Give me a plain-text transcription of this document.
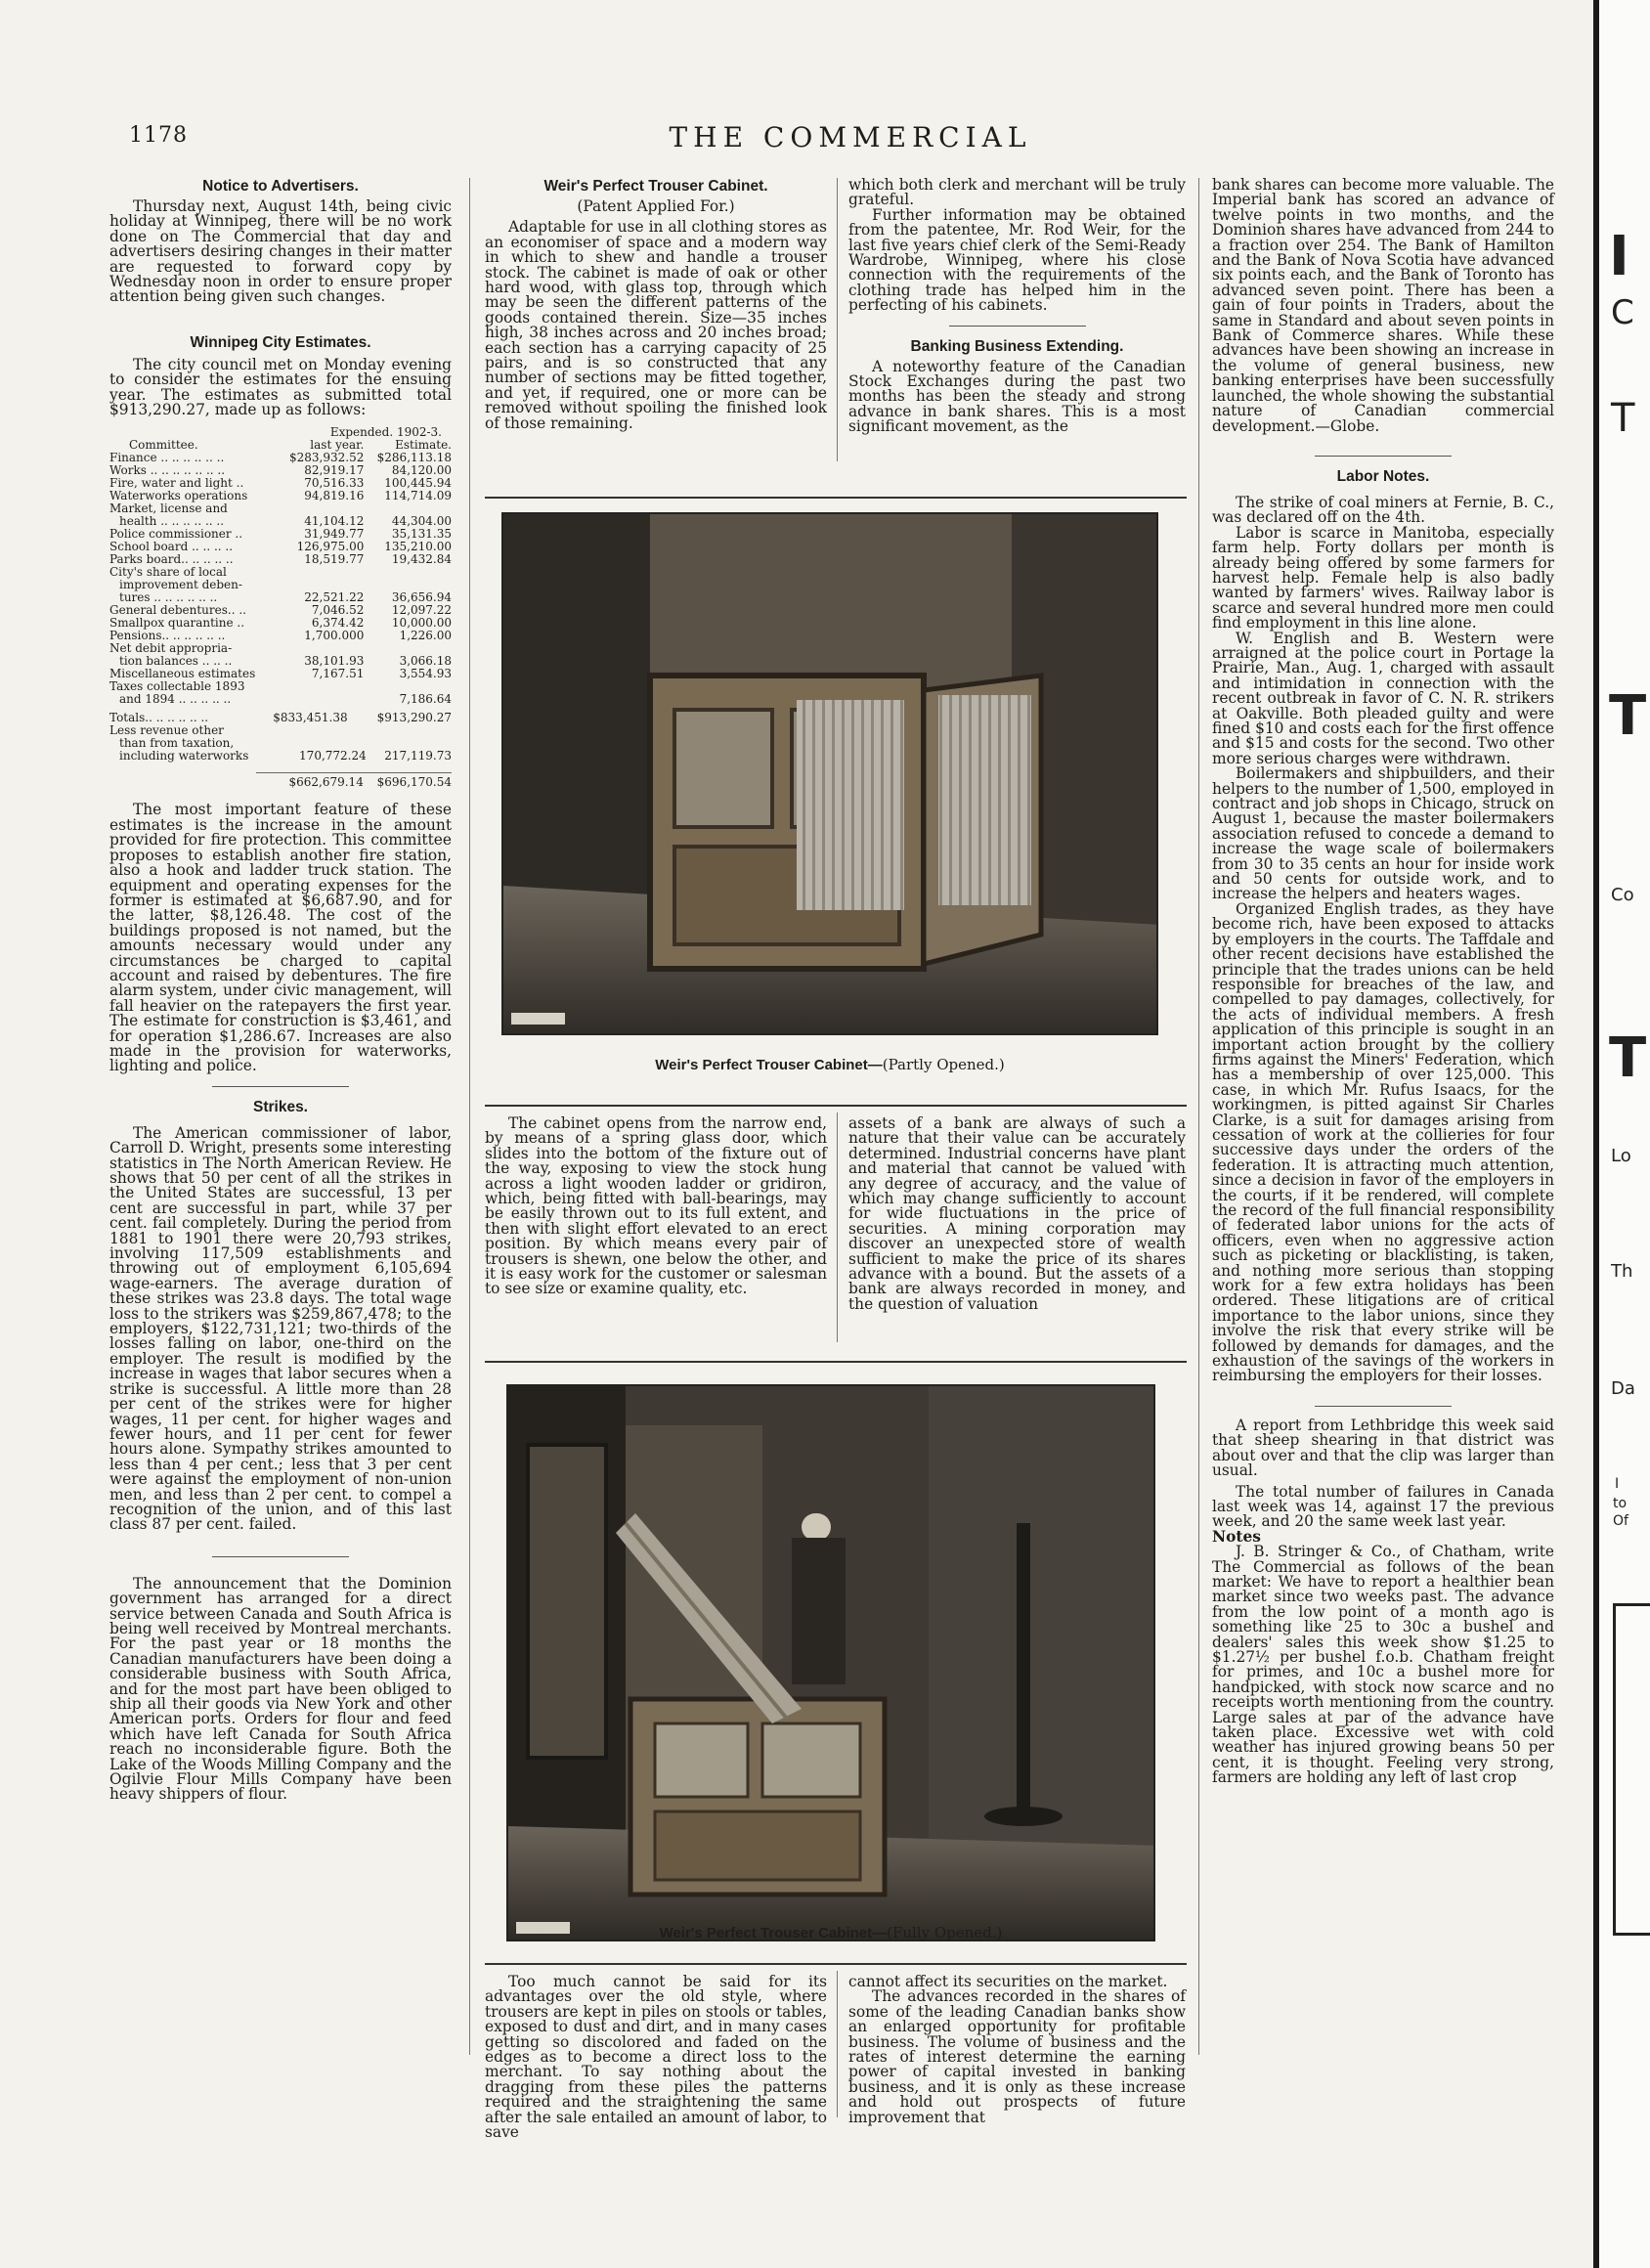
1178	THE COMMERCIAL
Notice to Advertisers.

Thursday next, August 14th, being civic holiday at Winnipeg, there will be no work done on The Commercial that day and advertisers desiring changes in their matter are requested to forward copy by Wednesday noon in order to ensure proper attention being given such changes.

Winnipeg City Estimates.

The city council met on Monday evening to consider the estimates for the ensuing year. The estimates as submitted total $913,290.27, made up as follows:

Expended. 1902-3.
Committee.	last year.	Estimate.
Finance .. .. .. .. .. ..	$283,932.52	$286,113.18
Works .. .. .. .. .. .. ..	82,919.17	84,120.00
Fire, water and light ..	70,516.33	100,445.94
Waterworks operations	94,819.16	114,714.09
Market, license and		
health .. .. .. .. .. ..	41,104.12	44,304.00
Police commissioner ..	31,949.77	35,131.35
School board .. .. .. ..	126,975.00	135,210.00
Parks board.. .. .. .. ..	18,519.77	19,432.84
City's share of local		
improvement deben-		
tures .. .. .. .. .. ..	22,521.22	36,656.94
General debentures.. ..	7,046.52	12,097.22
Smallpox quarantine ..	6,374.42	10,000.00
Pensions.. .. .. .. .. ..	1,700.000	1,226.00
Net debit appropria-		
tion balances .. .. ..	38,101.93	3,066.18
Miscellaneous estimates	7,167.51	3,554.93
Taxes collectable 1893		
and 1894 .. .. .. .. ..		7,186.64
Totals.. .. .. .. .. ..	$833,451.38	$913,290.27
Less revenue other		
than from taxation,		
including waterworks	170,772.24	217,119.73
$662,679.14 $696,170.54

The most important feature of these estimates is the increase in the amount provided for fire protection. This committee proposes to establish another fire station, also a hook and ladder truck station. The equipment and operating expenses for the former is estimated at $6,687.90, and for the latter, $8,126.48. The cost of the buildings proposed is not named, but the amounts necessary would under any circumstances be charged to capital account and raised by debentures. The fire alarm system, under civic management, will fall heavier on the ratepayers the first year. The estimate for construction is $3,461, and for operation $1,286.67. Increases are also made in the provision for waterworks, lighting and police.

Strikes.

The American commissioner of labor, Carroll D. Wright, presents some interesting statistics in The North American Review. He shows that 50 per cent of all the strikes in the United States are successful, 13 per cent are successful in part, while 37 per cent. fail completely. During the period from 1881 to 1901 there were 20,793 strikes, involving 117,509 establishments and throwing out of employment 6,105,694 wage-earners. The average duration of these strikes was 23.8 days. The total wage loss to the strikers was $259,867,478; to the employers, $122,731,121; two-thirds of the losses falling on labor, one-third on the employer. The result is modified by the increase in wages that labor secures when a strike is successful. A little more than 28 per cent of the strikes were for higher wages, 11 per cent. for higher wages and fewer hours, and 11 per cent for fewer hours alone. Sympathy strikes amounted to less than 4 per cent.; less that 3 per cent were against the employment of non-union men, and less than 2 per cent. to compel a recognition of the union, and of this last class 87 per cent. failed.

The announcement that the Dominion government has arranged for a direct service between Canada and South Africa is being well received by Montreal merchants. For the past year or 18 months the Canadian manufacturers have been doing a considerable business with South Africa, and for the most part have been obliged to ship all their goods via New York and other American ports. Orders for flour and feed which have left Canada for South Africa reach no inconsiderable figure. Both the Lake of the Woods Milling Company and the Ogilvie Flour Mills Company have been heavy shippers of flour.

Weir's Perfect Trouser Cabinet.

(Patent Applied For.)

Adaptable for use in all clothing stores as an economiser of space and a modern way in which to shew and handle a trouser stock. The cabinet is made of oak or other hard wood, with glass top, through which may be seen the different patterns of the goods contained therein. Size—35 inches high, 38 inches across and 20 inches broad; each section has a carrying capacity of 25 pairs, and is so constructed that any number of sections may be fitted together, and yet, if required, one or more can be removed without spoiling the finished look of those remaining.

which both clerk and merchant will be truly grateful.

Further information may be obtained from the patentee, Mr. Rod Weir, for the last five years chief clerk of the Semi-Ready Wardrobe, Winnipeg, where his close connection with the requirements of the clothing trade has helped him in the perfecting of his cabinets.

Banking Business Extending.

A noteworthy feature of the Canadian Stock Exchanges during the past two months has been the steady and strong advance in bank shares. This is a most significant movement, as the

Weir's Perfect Trouser Cabinet—(Partly Opened.)

The cabinet opens from the narrow end, by means of a spring glass door, which slides into the bottom of the fixture out of the way, exposing to view the stock hung across a light wooden ladder or gridiron, which, being fitted with ball-bearings, may be easily thrown out to its full extent, and then with slight effort elevated to an erect position. By which means every pair of trousers is shewn, one below the other, and it is easy work for the customer or salesman to see size or examine quality, etc.

assets of a bank are always of such a nature that their value can be accurately determined. Industrial concerns have plant and material that cannot be valued with any degree of accuracy, and the value of which may change sufficiently to account for wide fluctuations in the price of securities. A mining corporation may discover an unexpected store of wealth sufficient to make the price of its shares advance with a bound. But the assets of a bank are always recorded in money, and the question of valuation

Weir's Perfect Trouser Cabinet—(Fully Opened.)

Too much cannot be said for its advantages over the old style, where trousers are kept in piles on stools or tables, exposed to dust and dirt, and in many cases getting so discolored and faded on the edges as to become a direct loss to the merchant. To say nothing about the dragging from these piles the patterns required and the straightening the same after the sale entailed an amount of labor, to save

cannot affect its securities on the market.

The advances recorded in the shares of some of the leading Canadian banks show an enlarged opportunity for profitable business. The volume of business and the rates of interest determine the earning power of capital invested in banking business, and it is only as these increase and hold out prospects of future improvement that

bank shares can become more valuable. The Imperial bank has scored an advance of twelve points in two months, and the Dominion shares have advanced from 244 to a fraction over 254. The Bank of Hamilton and the Bank of Nova Scotia have advanced six points each, and the Bank of Toronto has advanced seven point. There has been a gain of four points in Traders, about the same in Standard and about seven points in Bank of Commerce shares. While these advances have been showing an increase in the volume of general business, new banking enterprises have been successfully launched, the whole showing the substantial nature of Canadian commercial development.—Globe.

Labor Notes.

The strike of coal miners at Fernie, B. C., was declared off on the 4th.

Labor is scarce in Manitoba, especially farm help. Forty dollars per month is already being offered by some farmers for harvest help. Female help is also badly wanted by farmers' wives. Railway labor is scarce and several hundred more men could find employment in this line alone.

W. English and B. Western were arraigned at the police court in Portage la Prairie, Man., Aug. 1, charged with assault and intimidation in connection with the recent outbreak in favor of C. N. R. strikers at Oakville. Both pleaded guilty and were fined $10 and costs each for the first offence and $15 and costs for the second. Two other more serious charges were withdrawn.

Boilermakers and shipbuilders, and their helpers to the number of 1,500, employed in contract and job shops in Chicago, struck on August 1, because the master boilermakers association refused to concede a demand to increase the wage scale of boilermakers from 30 to 35 cents an hour for inside work and 50 cents for outside work, and to increase the helpers and heaters wages.

Organized English trades, as they have become rich, have been exposed to attacks by employers in the courts. The Taffdale and other recent decisions have established the principle that the trades unions can be held responsible for breaches of the law, and compelled to pay damages, collectively, for the acts of individual members. A fresh application of this principle is sought in an important action brought by the colliery firms against the Miners' Federation, which has a membership of over 125,000. This case, in which Mr. Rufus Isaacs, for the workingmen, is pitted against Sir Charles Clarke, is a suit for damages arising from cessation of work at the collieries for four successive days under the orders of the federation. It is attracting much attention, since a decision in favor of the employers in the courts, if it be rendered, will complete the record of the full financial responsibility of federated labor unions for the acts of officers, even when no aggressive action such as picketing or blacklisting, is taken, and nothing more serious than stopping work for a few extra holidays has been ordered. These litigations are of critical importance to the labor unions, since they involve the risk that every strike will be followed by demands for damages, and the exhaustion of the savings of the workers in reimbursing the employers for their losses.

A report from Lethbridge this week said that sheep shearing in that district was about over and that the clip was larger than usual.

The total number of failures in Canada last week was 14, against 17 the previous week, and 20 the same week last year.

Notes

J. B. Stringer & Co., of Chatham, write The Commercial as follows of the bean market: We have to report a healthier bean market since two weeks past. The advance from the low point of a month ago is something like 25 to 30c a bushel and dealers' sales this week show $1.25 to $1.27½ per bushel f.o.b. Chatham freight for primes, and 10c a bushel more for handpicked, with stock now scarce and no receipts worth mentioning from the country. Large sales at par of the advance have taken place. Excessive wet with cold weather has injured growing beans 50 per cent, it is thought. Feeling very strong, farmers are holding any left of last crop

I
C
T
T
Co
T
Lo
Th
Da
I
to
Of
